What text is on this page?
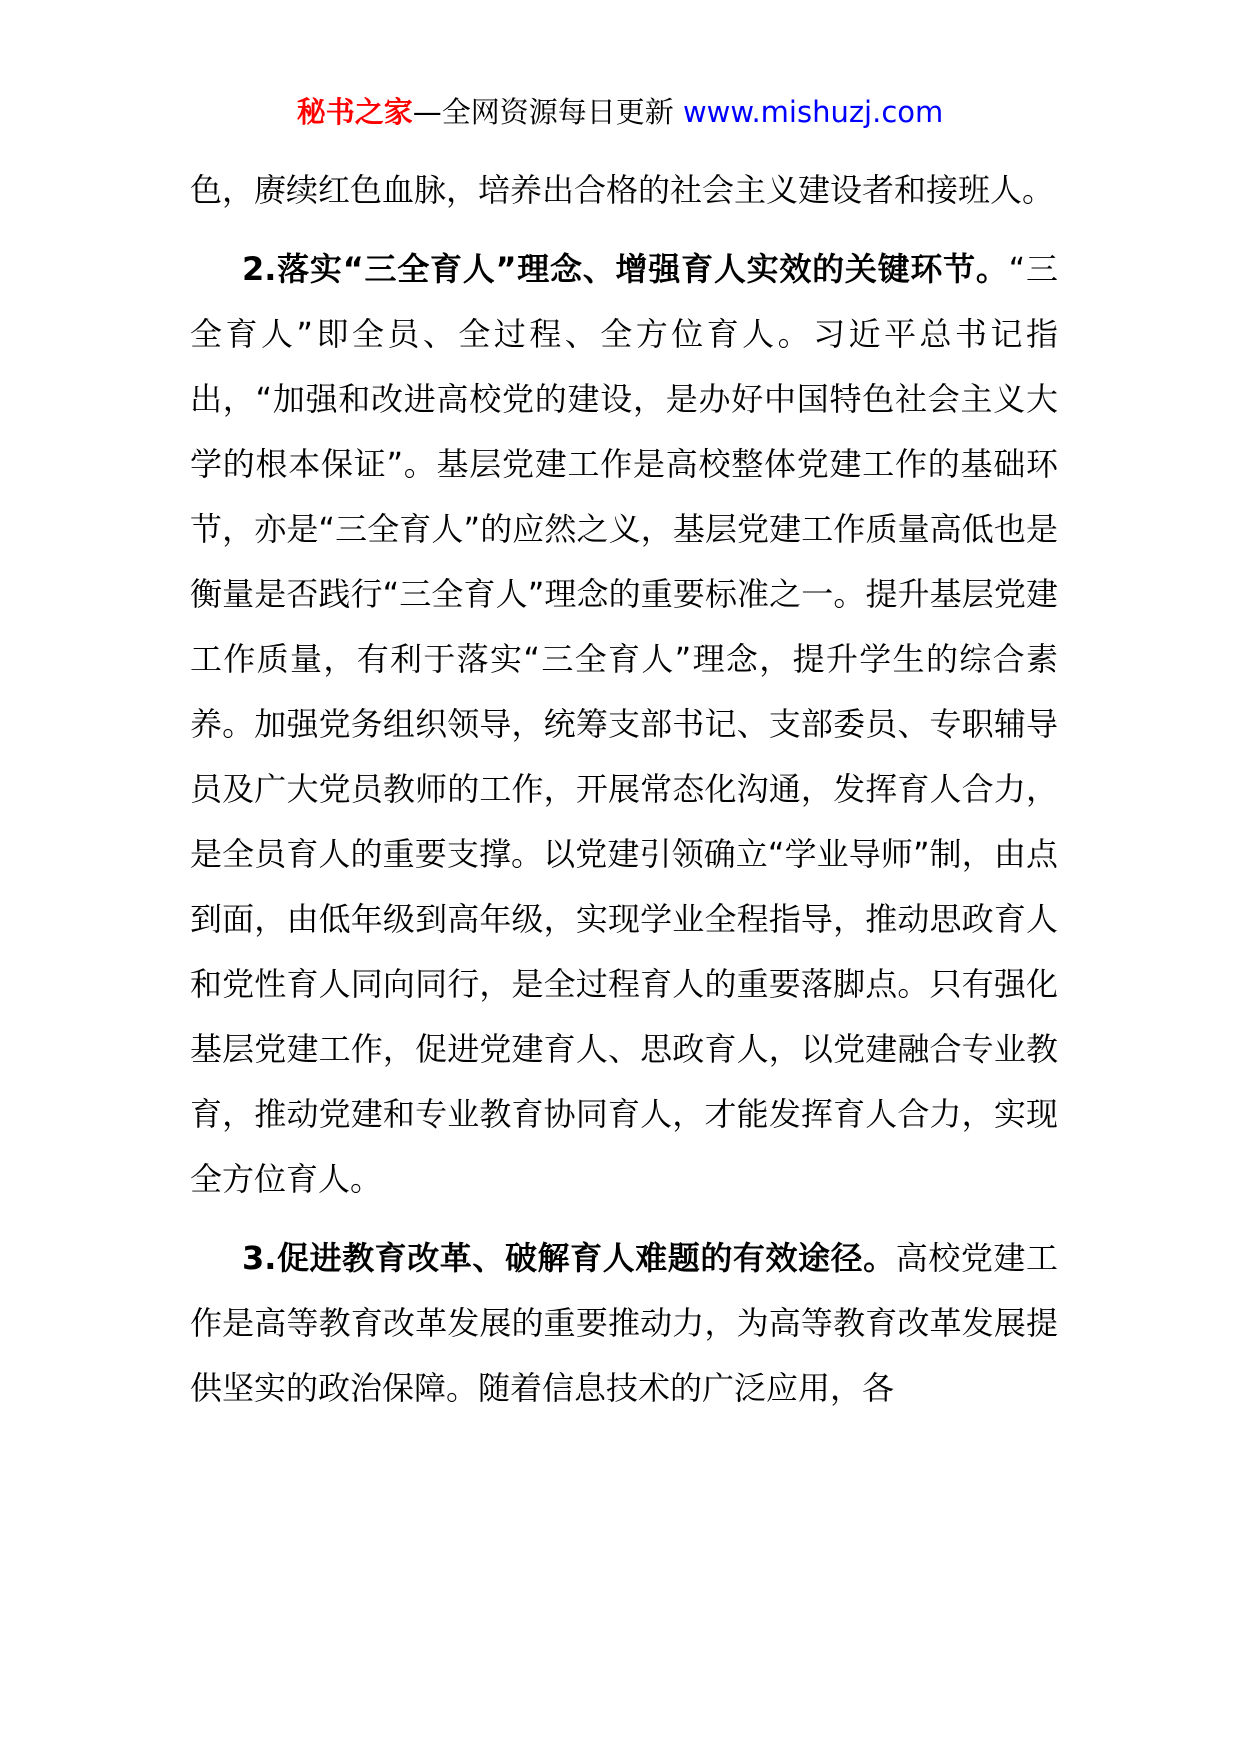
秘书之家—全网资源每日更新 www.mishuzj.com

色，赓续红色血脉，培养出合格的社会主义建设者和接班人。

2.落实“三全育人”理念、增强育人实效的关键环节。“三全育人”即全员、全过程、全方位育人。习近平总书记指出，“加强和改进高校党的建设，是办好中国特色社会主义大学的根本保证”。基层党建工作是高校整体党建工作的基础环节，亦是“三全育人”的应然之义，基层党建工作质量高低也是衡量是否践行“三全育人”理念的重要标准之一。提升基层党建工作质量，有利于落实“三全育人”理念，提升学生的综合素养。加强党务组织领导，统筹支部书记、支部委员、专职辅导员及广大党员教师的工作，开展常态化沟通，发挥育人合力，是全员育人的重要支撑。以党建引领确立“学业导师”制，由点到面，由低年级到高年级，实现学业全程指导，推动思政育人和党性育人同向同行，是全过程育人的重要落脚点。只有强化基层党建工作，促进党建育人、思政育人，以党建融合专业教育，推动党建和专业教育协同育人，才能发挥育人合力，实现全方位育人。

3.促进教育改革、破解育人难题的有效途径。高校党建工作是高等教育改革发展的重要推动力，为高等教育改革发展提供坚实的政治保障。随着信息技术的广泛应用，各
